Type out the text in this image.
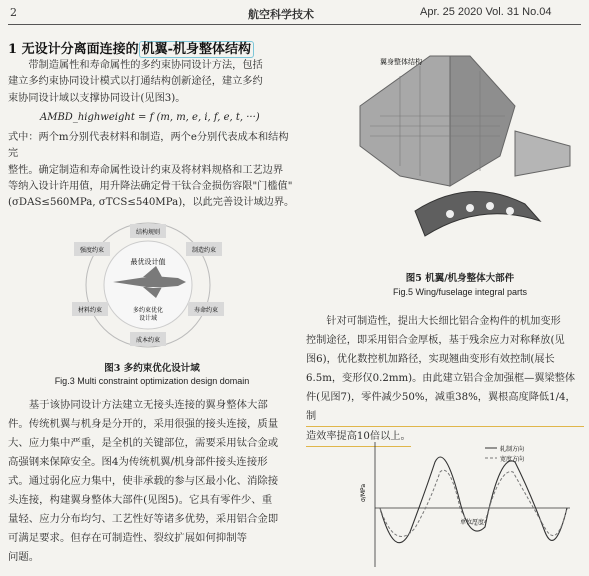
2	航空科学技术	Apr. 25 2020 Vol. 31 No.04
1 无设计分离面连接的 机翼-机身整体结构
带制造属性和寿命属性的多约束协同设计方法，包括
建立多约束协同设计模式以打通结构创新途径，建立多约
束协同设计域以支撑协同设计(见图3)。
AMBD_highweight = f (m, m, e, i, f, e, t, ···)
式中：两个m分别代表材料和制造，两个e分别代表成本和结构完
整性。确定制造和寿命属性设计约束及将材料规格和工艺边界
等纳入设计许用值，用升降法确定骨干钛合金损伤容限"门槛值"
(σDAS≤560MPa, σTCS≤540MPa)，以此完善设计域边界。
结构规则
制造约束
寿命约束
成本约束
材料约束
强度约束
最优设计值
多约束优化
设计域
图3 多约束优化设计域
Fig.3 Multi constraint optimization design domain
基于该协同设计方法建立无接头连接的翼身整体大部
件。传统机翼与机身是分开的，采用很强的接头连接，质量
大、应力集中严重，是全机的关键部位，需要采用钛合金或
高强钢来保障安全。图4为传统机翼/机身部件接头连接形
式。通过弱化应力集中，使非承载的参与区最小化、消除接
头连接，构建翼身整体大部件(见图5)。它具有零件少、重
量轻、应力分布均匀、工艺性好等诸多优势，采用铝合金即
可满足要求。但存在可制造性、裂纹扩展如何抑制等
问题。
翼身整体结构
图5 机翼/机身整体大部件
Fig.5 Wing/fuselage integral parts
针对可制造性，提出大长细比铝合金构件的机加变形
控制途径，即采用铝合金厚板，基于残余应力对称释放(见
图6)，优化数控机加路径，实现翘曲变形有效控制(展长
6.5m，变形仅0.2mm)。由此建立铝合金加强框—翼梁整体
件(见图7)，零件减少50%，减重38%，翼根高度降低1/4，制
造效率提高10倍以上。
σ/MPa
单位厚度
轧制方向
宽度方向
